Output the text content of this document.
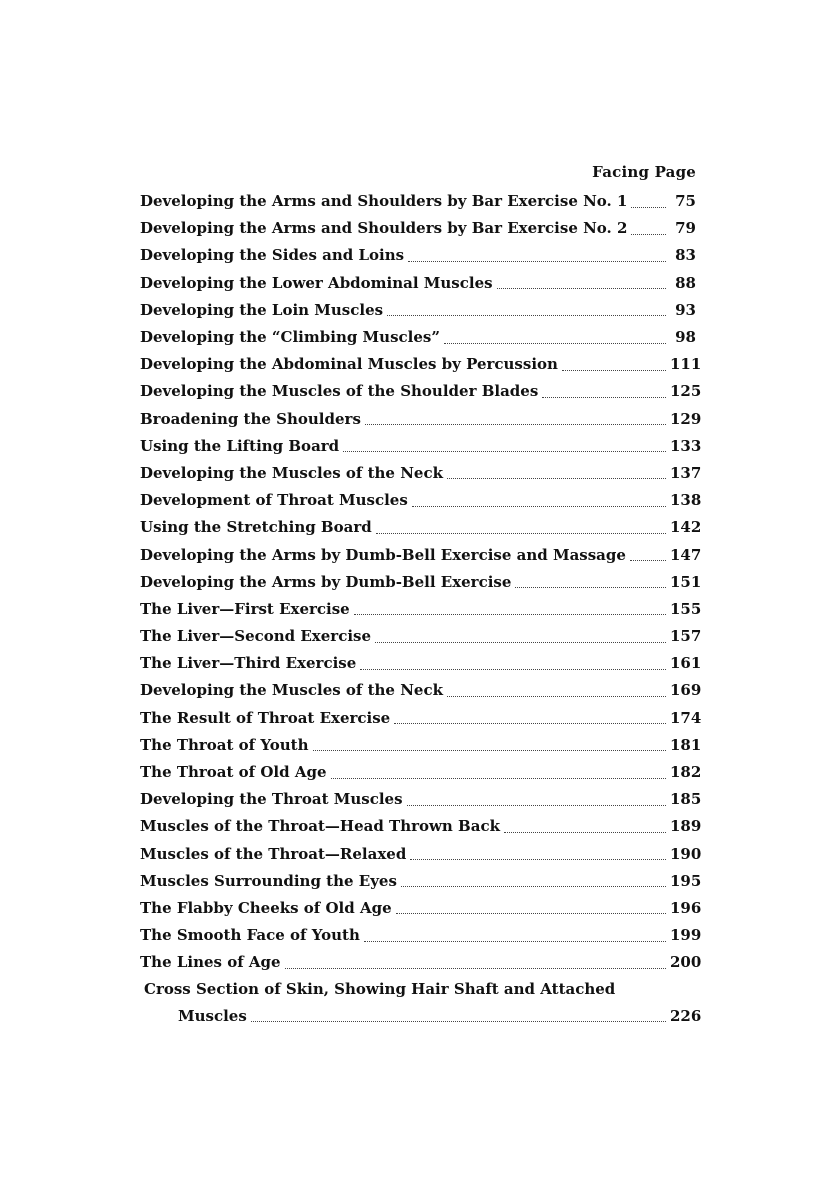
Facing Page
Developing the Arms and Shoulders by Bar Exercise No. 1	75
Developing the Arms and Shoulders by Bar Exercise No. 2	79
Developing the Sides and Loins	83
Developing the Lower Abdominal Muscles	88
Developing the Loin Muscles	93
Developing the “Climbing Muscles”	98
Developing the Abdominal Muscles by Percussion	111
Developing the Muscles of the Shoulder Blades	125
Broadening the Shoulders	129
Using the Lifting Board	133
Developing the Muscles of the Neck	137
Development of Throat Muscles	138
Using the Stretching Board	142
Developing the Arms by Dumb-Bell Exercise and Massage	147
Developing the Arms by Dumb-Bell Exercise	151
The Liver—First Exercise	155
The Liver—Second Exercise	157
The Liver—Third Exercise	161
Developing the Muscles of the Neck	169
The Result of Throat Exercise	174
The Throat of Youth	181
The Throat of Old Age	182
Developing the Throat Muscles	185
Muscles of the Throat—Head Thrown Back	189
Muscles of the Throat—Relaxed	190
Muscles Surrounding the Eyes	195
The Flabby Cheeks of Old Age	196
The Smooth Face of Youth	199
The Lines of Age	200
Cross Section of Skin, Showing Hair Shaft and Attached
Muscles	226
